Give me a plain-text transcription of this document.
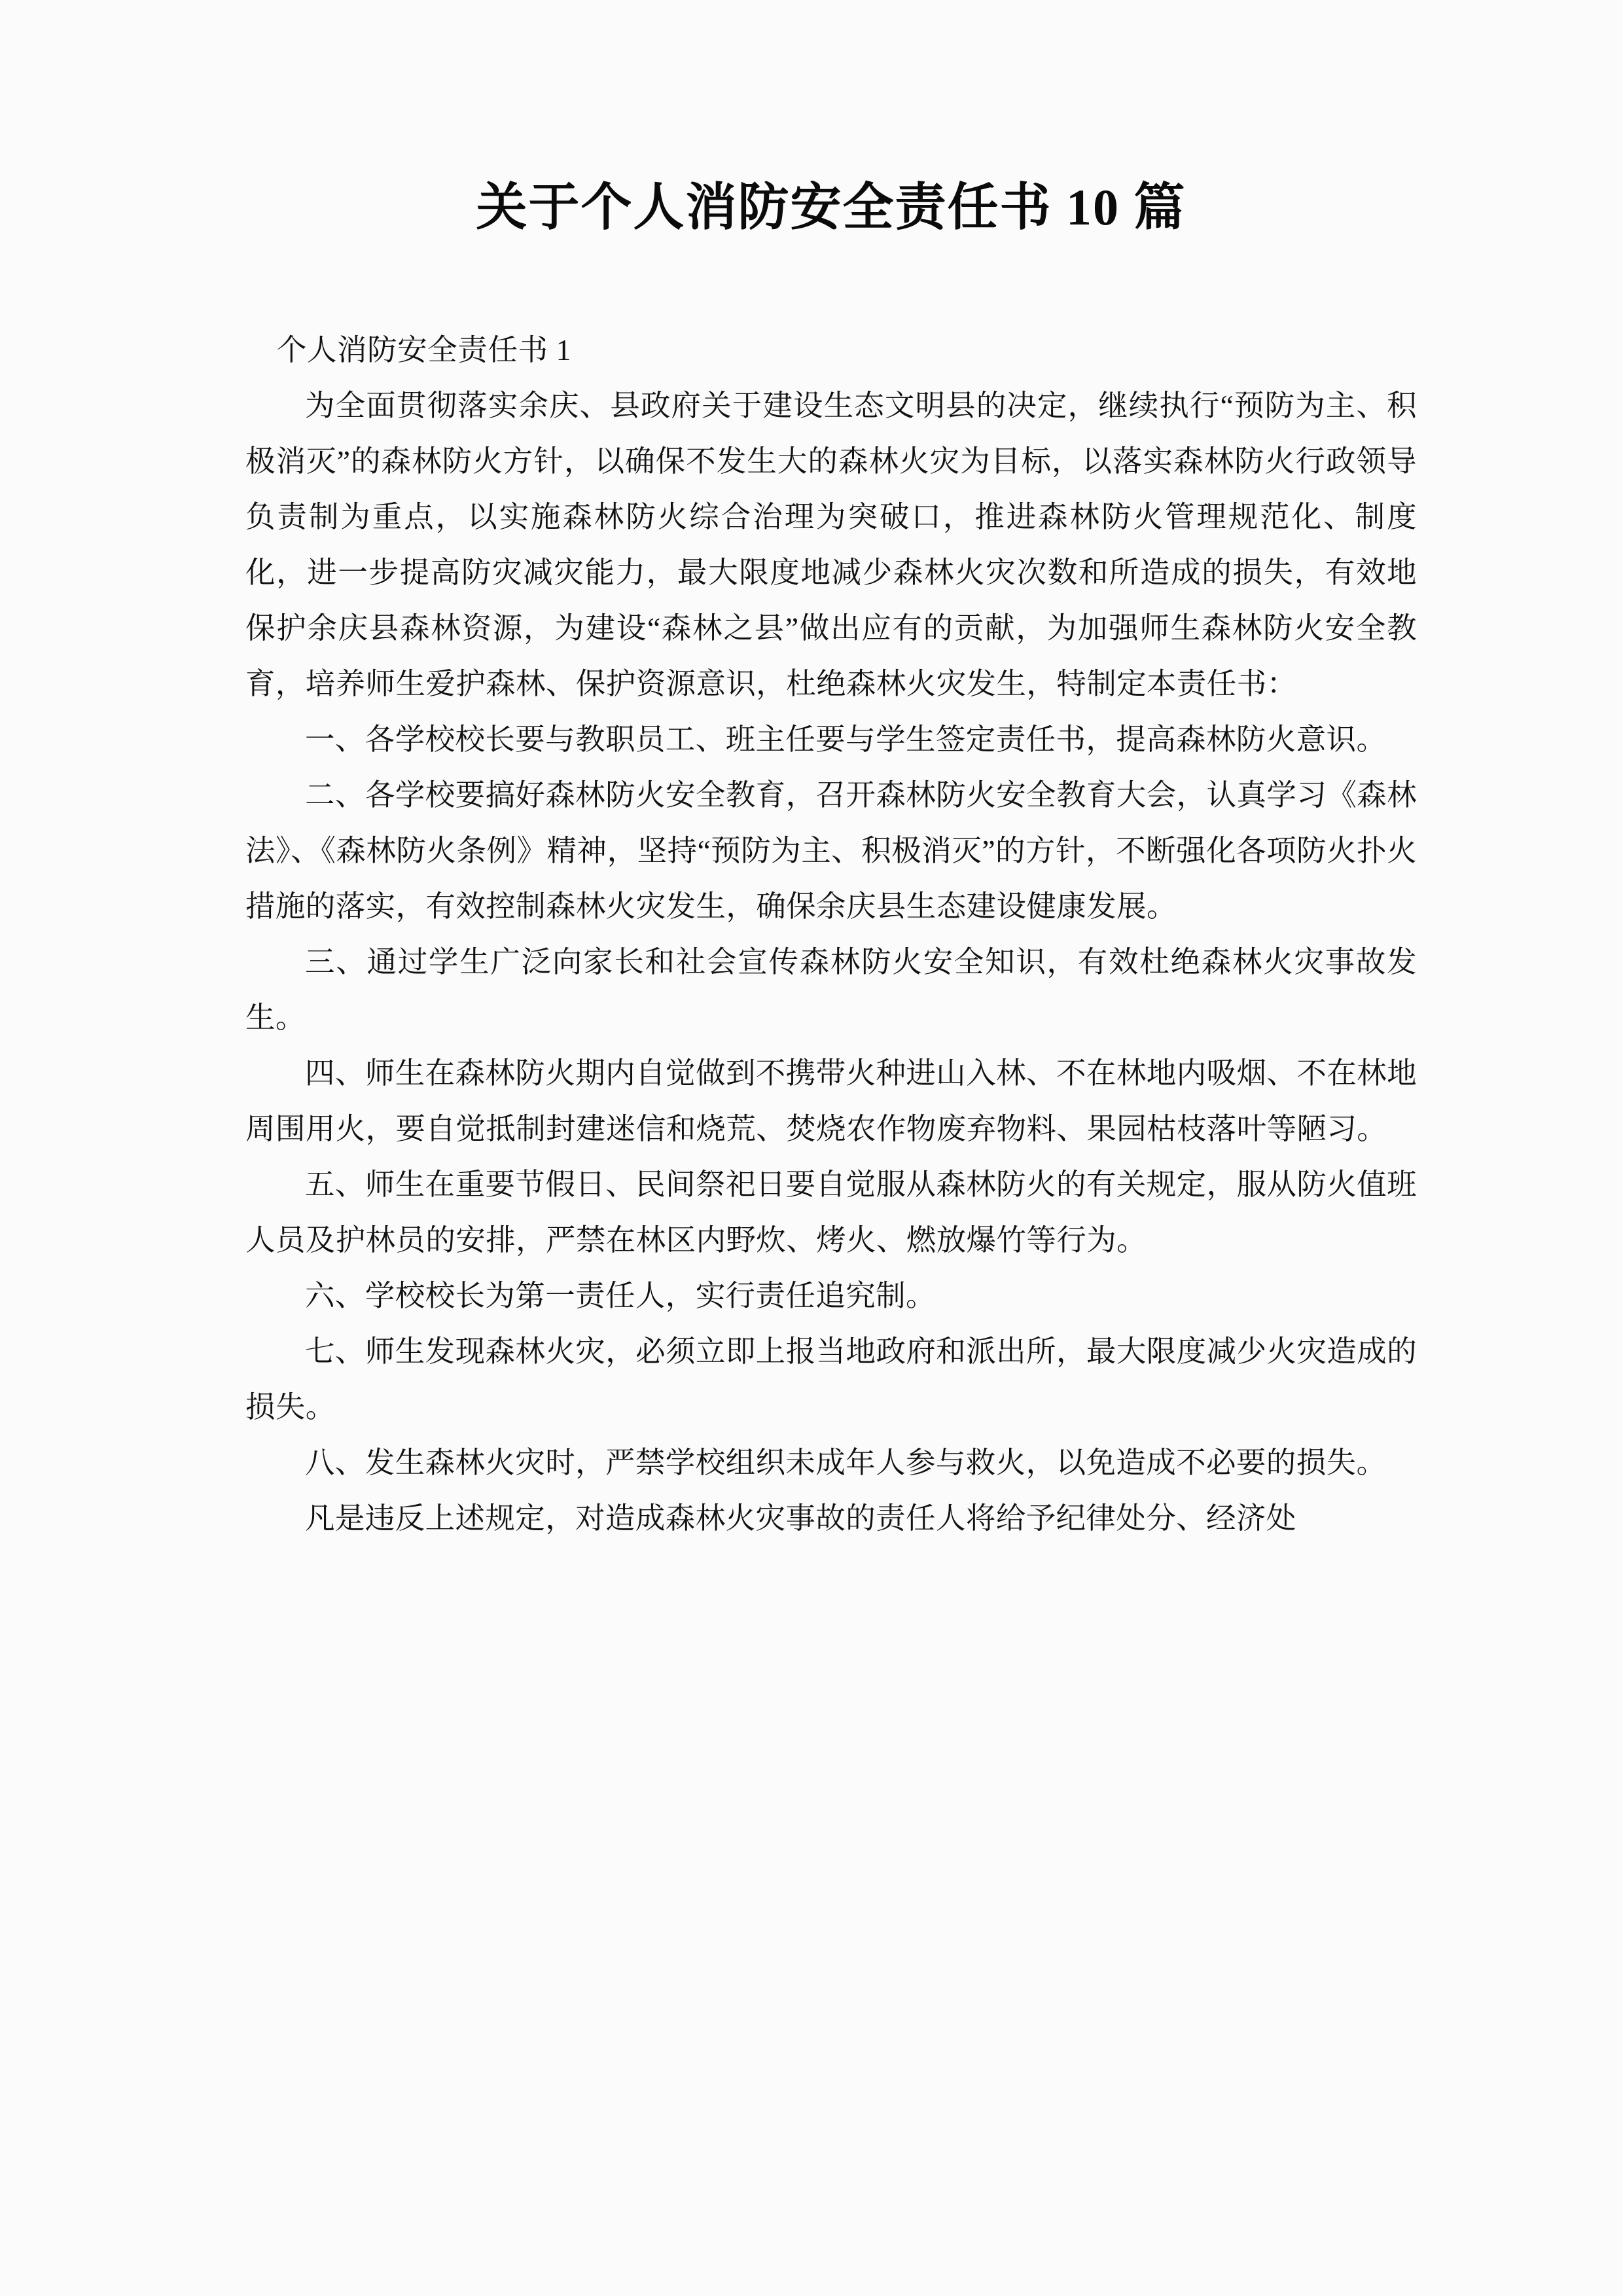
关于个人消防安全责任书 10 篇

个人消防安全责任书 1

为全面贯彻落实余庆、县政府关于建设生态文明县的决定，继续执行“预防为主、积极消灭”的森林防火方针，以确保不发生大的森林火灾为目标，以落实森林防火行政领导负责制为重点，以实施森林防火综合治理为突破口，推进森林防火管理规范化、制度化，进一步提高防灾减灾能力，最大限度地减少森林火灾次数和所造成的损失，有效地保护余庆县森林资源，为建设“森林之县”做出应有的贡献，为加强师生森林防火安全教育，培养师生爱护森林、保护资源意识，杜绝森林火灾发生，特制定本责任书：

一、各学校校长要与教职员工、班主任要与学生签定责任书，提高森林防火意识。

二、各学校要搞好森林防火安全教育，召开森林防火安全教育大会，认真学习《森林法》、《森林防火条例》精神，坚持“预防为主、积极消灭”的方针，不断强化各项防火扑火措施的落实，有效控制森林火灾发生，确保余庆县生态建设健康发展。

三、通过学生广泛向家长和社会宣传森林防火安全知识，有效杜绝森林火灾事故发生。

四、师生在森林防火期内自觉做到不携带火种进山入林、不在林地内吸烟、不在林地周围用火，要自觉抵制封建迷信和烧荒、焚烧农作物废弃物料、果园枯枝落叶等陋习。

五、师生在重要节假日、民间祭祀日要自觉服从森林防火的有关规定，服从防火值班人员及护林员的安排，严禁在林区内野炊、烤火、燃放爆竹等行为。

六、学校校长为第一责任人，实行责任追究制。

七、师生发现森林火灾，必须立即上报当地政府和派出所，最大限度减少火灾造成的损失。

八、发生森林火灾时，严禁学校组织未成年人参与救火，以免造成不必要的损失。

凡是违反上述规定，对造成森林火灾事故的责任人将给予纪律处分、经济处
